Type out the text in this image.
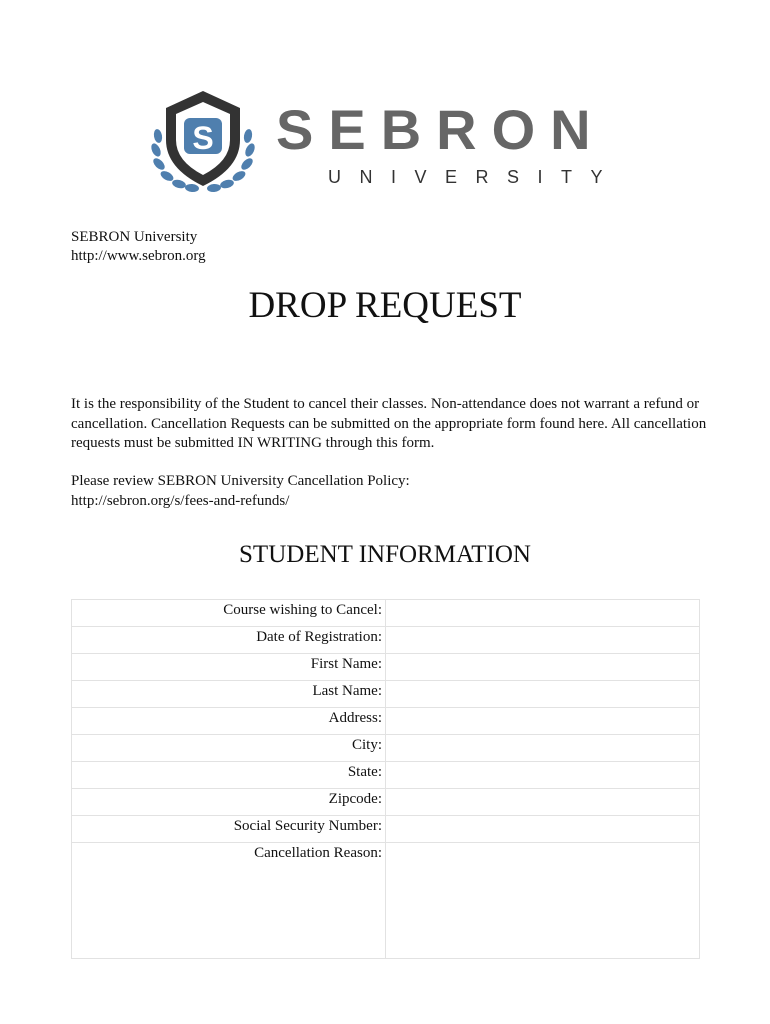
S SEBRON
UNIVERSITY
SEBRON University
http://www.sebron.org
DROP REQUEST

It is the responsibility of the Student to cancel their classes. Non-attendance does not warrant a refund or cancellation. Cancellation Requests can be submitted on the appropriate form found here. All cancellation requests must be submitted IN WRITING through this form.

Please review SEBRON University Cancellation Policy:
http://sebron.org/s/fees-and-refunds/
STUDENT INFORMATION
Course wishing to Cancel:	
Date of Registration:	
First Name:	
Last Name:	
Address:	
City:	
State:	
Zipcode:	
Social Security Number:	
Cancellation Reason:	
